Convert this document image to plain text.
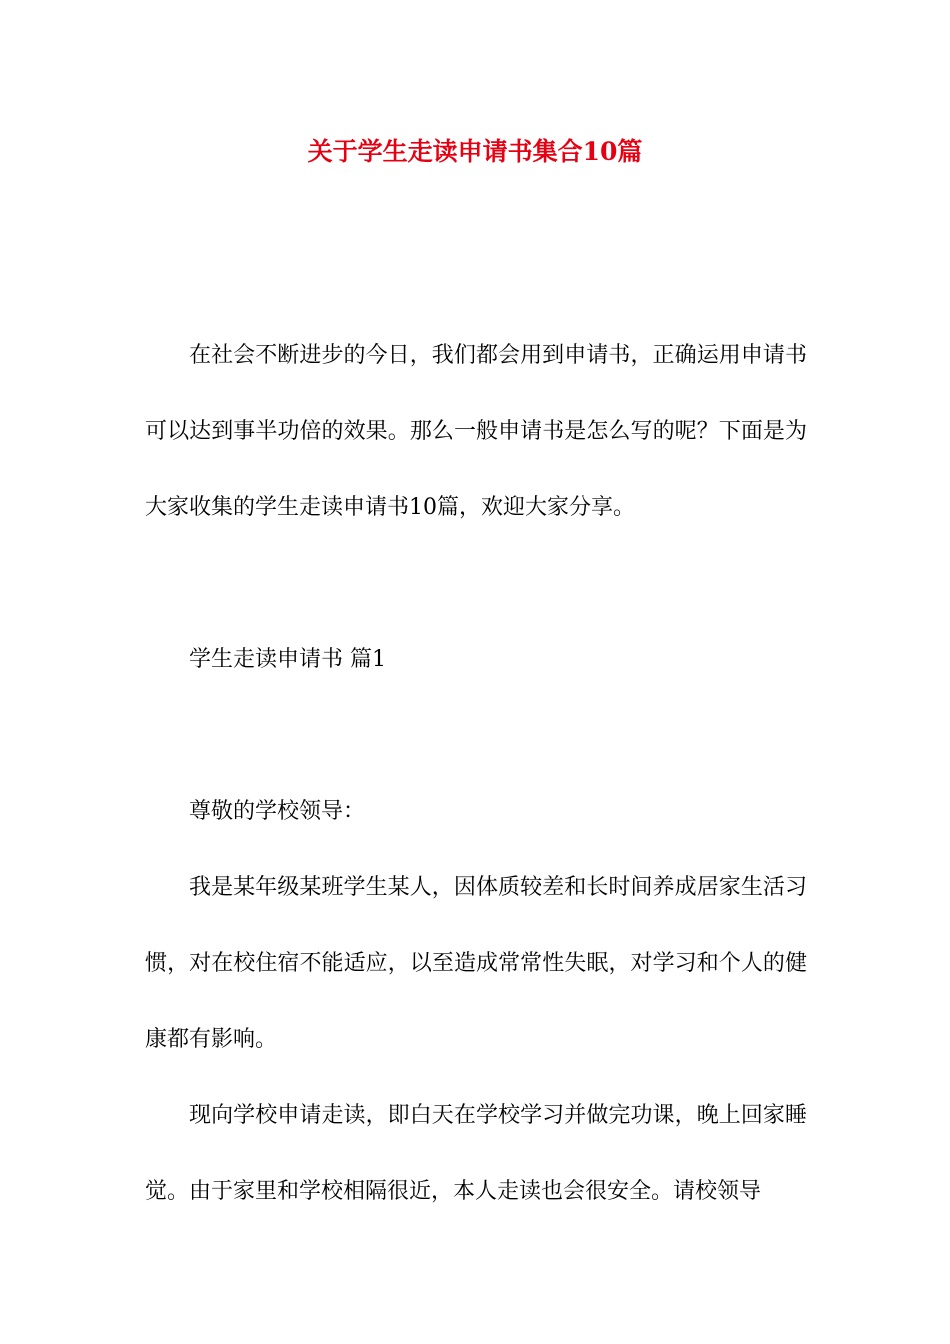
关于学生走读申请书集合10篇

在社会不断进步的今日，我们都会用到申请书，正确运用申请书可以达到事半功倍的效果。那么一般申请书是怎么写的呢？下面是为大家收集的学生走读申请书10篇，欢迎大家分享。

学生走读申请书 篇1

尊敬的学校领导：

我是某年级某班学生某人，因体质较差和长时间养成居家生活习惯，对在校住宿不能适应，以至造成常常性失眠，对学习和个人的健康都有影响。

现向学校申请走读，即白天在学校学习并做完功课，晚上回家睡觉。由于家里和学校相隔很近，本人走读也会很安全。请校领导
